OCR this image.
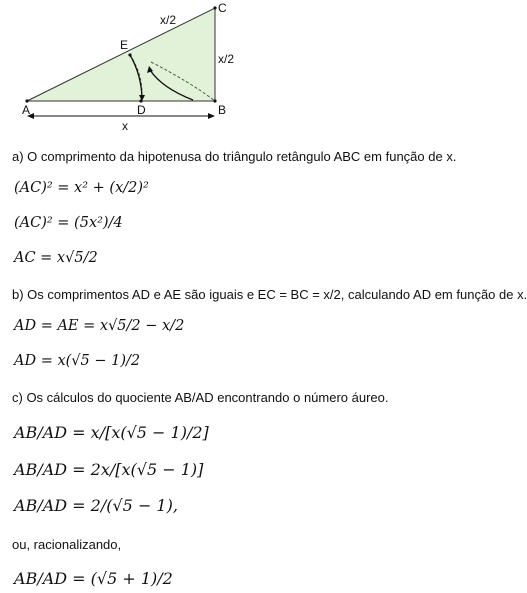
A	B
C
D
E
x/2
x/2
x
a) O comprimento da hipotenusa do triângulo retângulo ABC em função de x.
(AC)² = x² + (x/2)²
(AC)² = (5x²)/4
AC = x√5/2
b) Os comprimentos AD e AE são iguais e EC = BC = x/2, calculando AD em função de x.
AD = AE = x√5/2 − x/2
AD = x(√5 − 1)/2
c) Os cálculos do quociente AB/AD encontrando o número áureo.
AB/AD = x/[x(√5 − 1)/2]
AB/AD = 2x/[x(√5 − 1)]
AB/AD = 2/(√5 − 1),
ou, racionalizando,
AB/AD = (√5 + 1)/2
